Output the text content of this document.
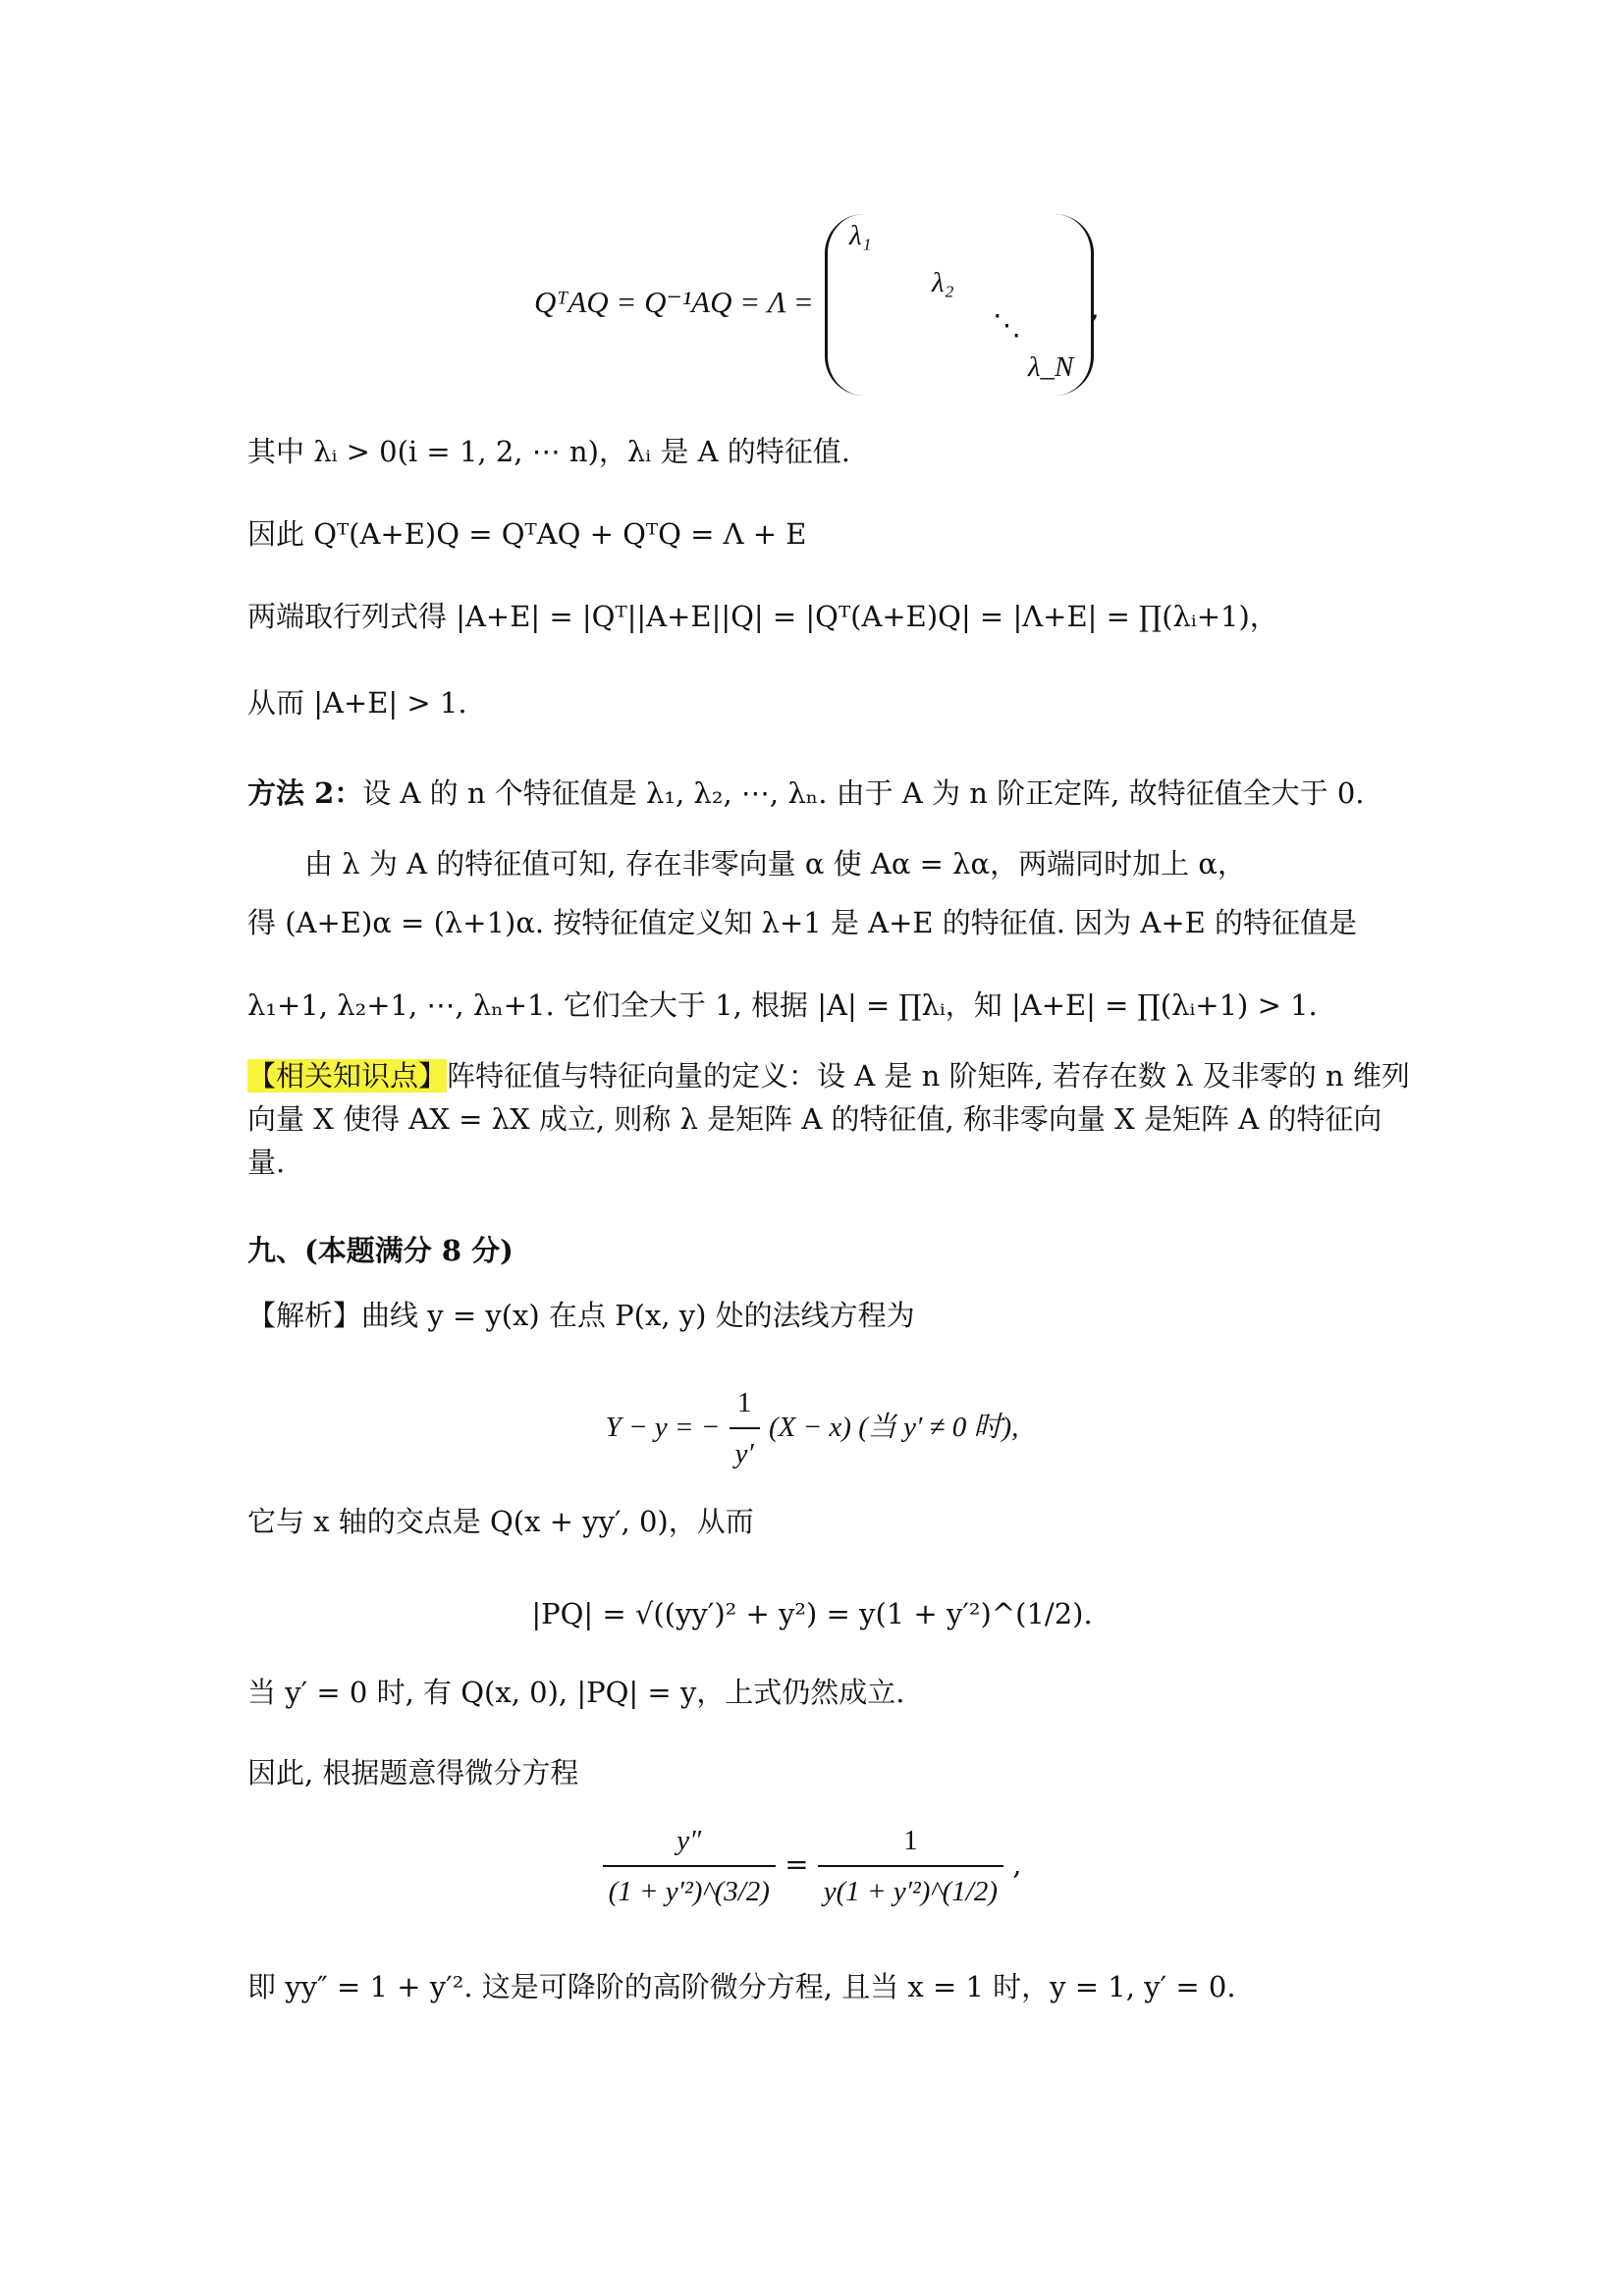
QᵀAQ = Q⁻¹AQ = Λ =
λ₁
λ₂
⋱
λ_N
,
其中 λᵢ > 0(i = 1, 2, ⋯ n)，λᵢ 是 A 的特征值.
因此 Qᵀ(A+E)Q = QᵀAQ + QᵀQ = Λ + E
两端取行列式得 |A+E| = |Qᵀ||A+E||Q| = |Qᵀ(A+E)Q| = |Λ+E| = ∏(λᵢ+1)，
从而 |A+E| > 1.
方法 2：设 A 的 n 个特征值是 λ₁, λ₂, ⋯, λₙ. 由于 A 为 n 阶正定阵, 故特征值全大于 0.
由 λ 为 A 的特征值可知, 存在非零向量 α 使 Aα = λα，两端同时加上 α，
得 (A+E)α = (λ+1)α. 按特征值定义知 λ+1 是 A+E 的特征值. 因为 A+E 的特征值是
λ₁+1, λ₂+1, ⋯, λₙ+1. 它们全大于 1, 根据 |A| = ∏λᵢ，知 |A+E| = ∏(λᵢ+1) > 1.
【相关知识点】阵特征值与特征向量的定义：设 A 是 n 阶矩阵, 若存在数 λ 及非零的 n 维列
向量 X 使得 AX = λX 成立, 则称 λ 是矩阵 A 的特征值, 称非零向量 X 是矩阵 A 的特征向
量.
九、(本题满分 8 分)
【解析】曲线 y = y(x) 在点 P(x, y) 处的法线方程为
Y − y = − $\frac{1}{y'} (X - x)$ (当 y′ ≠ 0 时),
它与 x 轴的交点是 Q(x + yy′, 0)，从而
|PQ| = √((yy′)² + y²) = y(1 + y′²)^(1/2).
当 y′ = 0 时, 有 Q(x, 0), |PQ| = y，上式仍然成立.
因此, 根据题意得微分方程
$\frac{y''}{\text{(1 + y′²)\textasciicircum{}(3/2)}} = \frac{1}{\text{y(1 + y′²)\textasciicircum{}(1/2)}}$ ,
即 yy″ = 1 + y′². 这是可降阶的高阶微分方程, 且当 x = 1 时，y = 1, y′ = 0.
